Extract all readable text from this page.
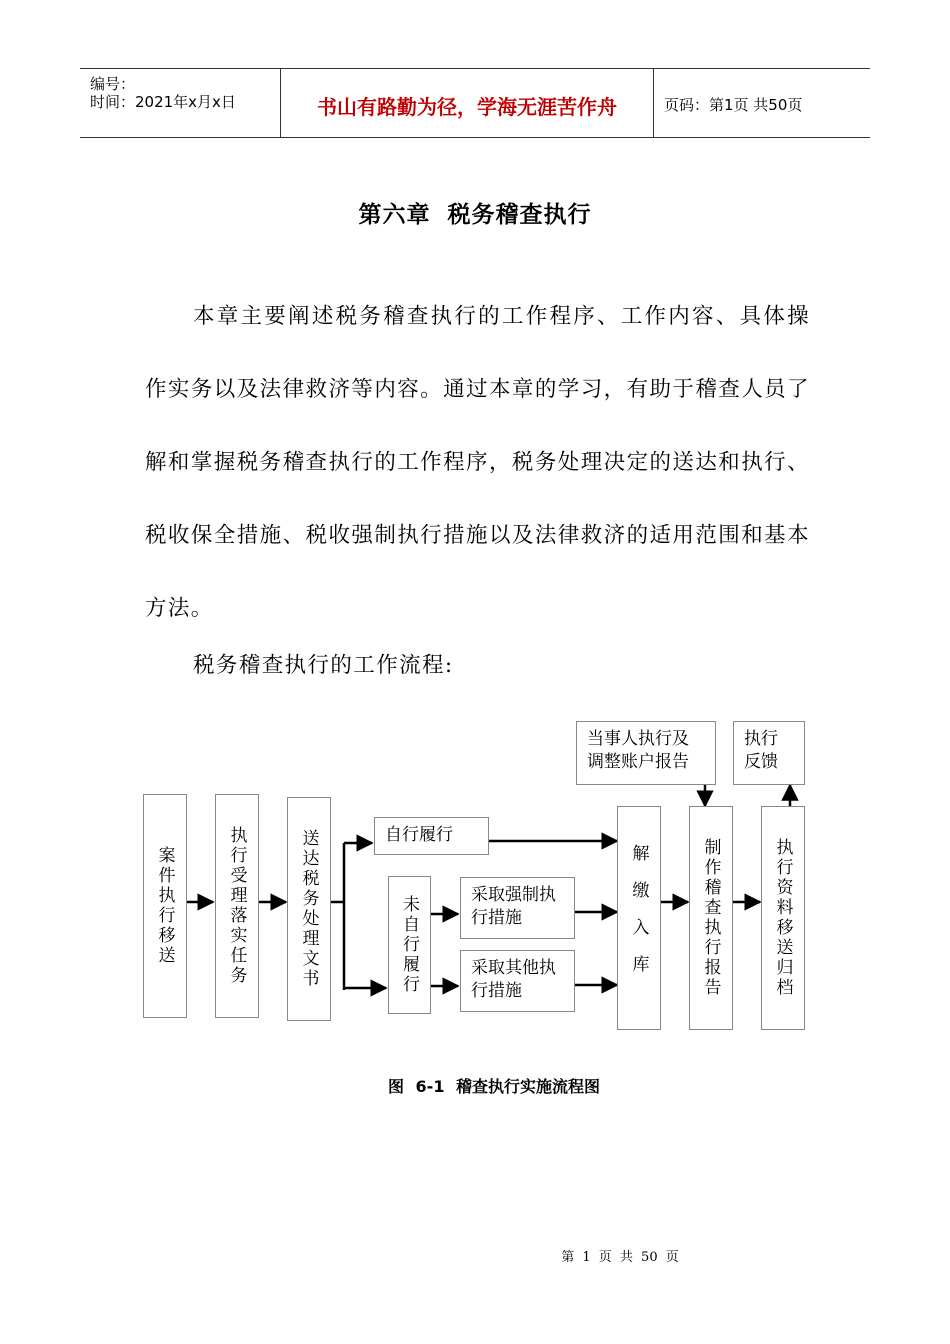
编号：
时间：2021年x月x日	书山有路勤为径，学海无涯苦作舟	页码：第1页 共50页
第六章 税务稽查执行

本章主要阐述税务稽查执行的工作程序、工作内容、具体操作实务以及法律救济等内容。通过本章的学习，有助于稽查人员了解和掌握税务稽查执行的工作程序，税务处理决定的送达和执行、税收保全措施、税收强制执行措施以及法律救济的适用范围和基本方法。

税务稽查执行的工作流程:

案件执行移送	执行受理落实任务	送达税务处理文书	自行履行
未自行履行	采取强制执行措施
采取其他执行措施	解缴入库
当事人执行及调整账户报告
制作稽查执行报告
执行反馈
执行资料移送归档
图 6-1 稽查执行实施流程图
第 1 页 共 50 页
